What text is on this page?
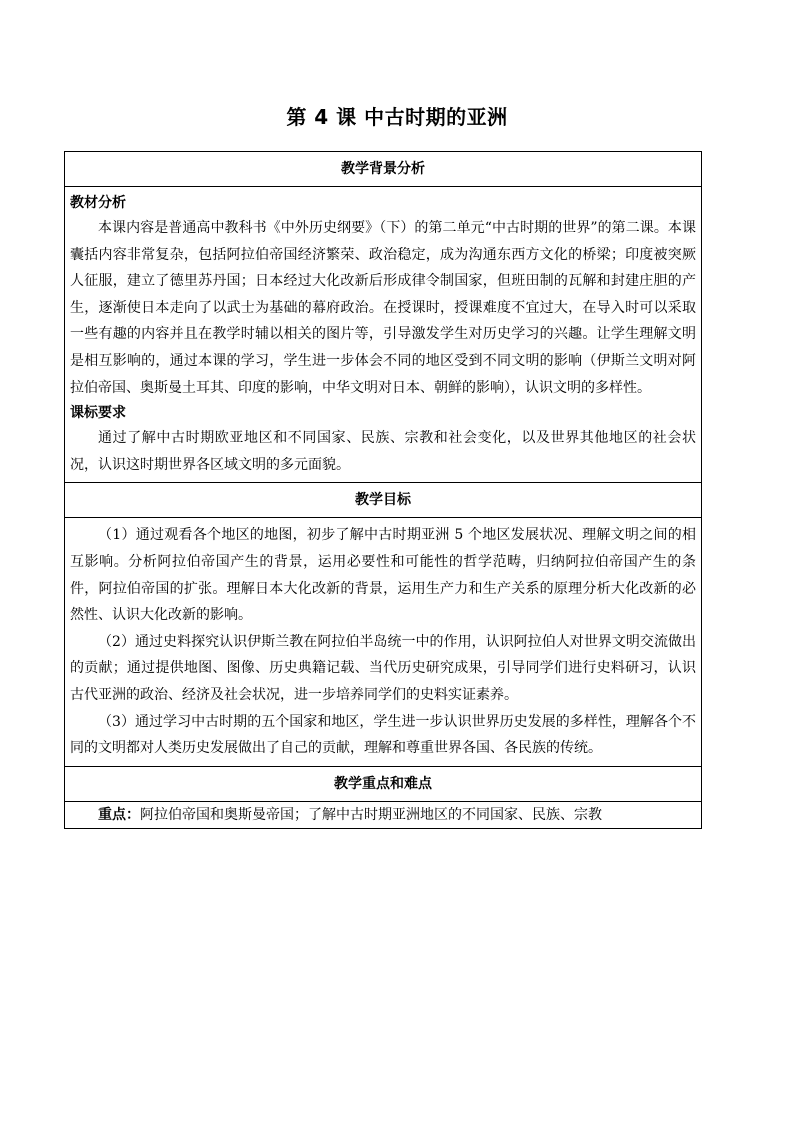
第 4 课 中古时期的亚洲
教学背景分析

教材分析

本课内容是普通高中教科书《中外历史纲要》（下）的第二单元“中古时期的世界”的第二课。本课囊括内容非常复杂，包括阿拉伯帝国经济繁荣、政治稳定，成为沟通东西方文化的桥梁；印度被突厥人征服，建立了德里苏丹国；日本经过大化改新后形成律令制国家，但班田制的瓦解和封建庄胆的产生，逐渐使日本走向了以武士为基础的幕府政治。在授课时，授课难度不宜过大，在导入时可以采取一些有趣的内容并且在教学时辅以相关的图片等，引导激发学生对历史学习的兴趣。让学生理解文明是相互影响的，通过本课的学习，学生进一步体会不同的地区受到不同文明的影响（伊斯兰文明对阿拉伯帝国、奥斯曼土耳其、印度的影响，中华文明对日本、朝鲜的影响），认识文明的多样性。

课标要求

通过了解中古时期欧亚地区和不同国家、民族、宗教和社会变化，以及世界其他地区的社会状况，认识这时期世界各区域文明的多元面貌。

教学目标

（1）通过观看各个地区的地图，初步了解中古时期亚洲 5 个地区发展状况、理解文明之间的相互影响。分析阿拉伯帝国产生的背景，运用必要性和可能性的哲学范畴，归纳阿拉伯帝国产生的条件，阿拉伯帝国的扩张。理解日本大化改新的背景，运用生产力和生产关系的原理分析大化改新的必然性、认识大化改新的影响。

（2）通过史料探究认识伊斯兰教在阿拉伯半岛统一中的作用，认识阿拉伯人对世界文明交流做出的贡献；通过提供地图、图像、历史典籍记载、当代历史研究成果，引导同学们进行史料研习，认识古代亚洲的政治、经济及社会状况，进一步培养同学们的史料实证素养。

（3）通过学习中古时期的五个国家和地区，学生进一步认识世界历史发展的多样性，理解各个不同的文明都对人类历史发展做出了自己的贡献，理解和尊重世界各国、各民族的传统。

教学重点和难点

重点：阿拉伯帝国和奥斯曼帝国；了解中古时期亚洲地区的不同国家、民族、宗教
